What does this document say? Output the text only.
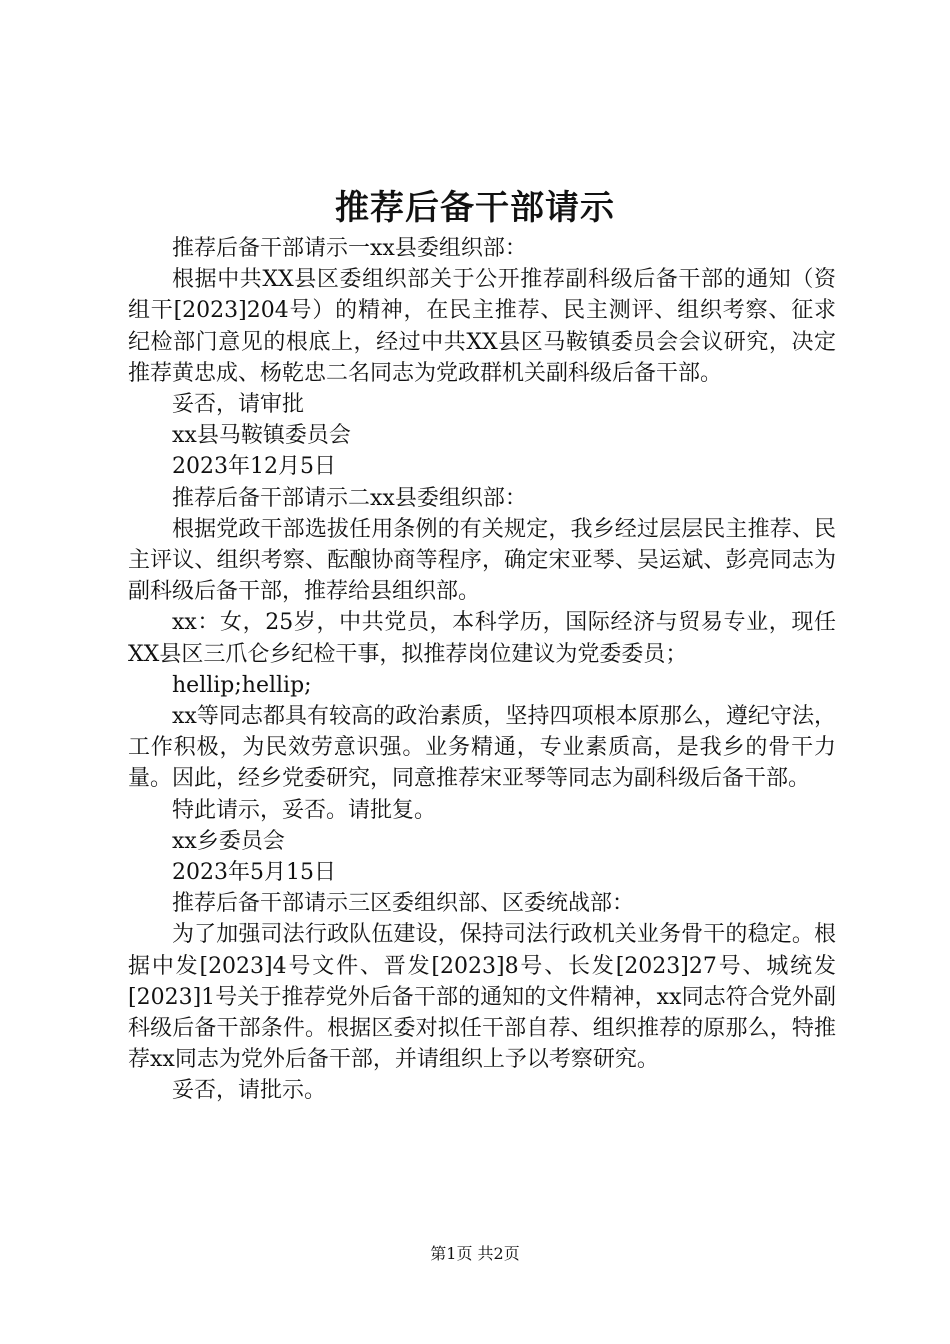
推荐后备干部请示

推荐后备干部请示一xx县委组织部：

根据中共XX县区委组织部关于公开推荐副科级后备干部的通知（资组干[2023]204号）的精神，在民主推荐、民主测评、组织考察、征求纪检部门意见的根底上，经过中共XX县区马鞍镇委员会会议研究，决定推荐黄忠成、杨乾忠二名同志为党政群机关副科级后备干部。

妥否，请审批

xx县马鞍镇委员会

2023年12月5日

推荐后备干部请示二xx县委组织部：

根据党政干部选拔任用条例的有关规定，我乡经过层层民主推荐、民主评议、组织考察、酝酿协商等程序，确定宋亚琴、吴运斌、彭亮同志为副科级后备干部，推荐给县组织部。

xx：女，25岁，中共党员，本科学历，国际经济与贸易专业，现任XX县区三爪仑乡纪检干事，拟推荐岗位建议为党委委员；

hellip;hellip;

xx等同志都具有较高的政治素质，坚持四项根本原那么，遵纪守法，工作积极，为民效劳意识强。业务精通，专业素质高，是我乡的骨干力量。因此，经乡党委研究，同意推荐宋亚琴等同志为副科级后备干部。

特此请示，妥否。请批复。

xx乡委员会

2023年5月15日

推荐后备干部请示三区委组织部、区委统战部：

为了加强司法行政队伍建设，保持司法行政机关业务骨干的稳定。根据中发[2023]4号文件、晋发[2023]8号、长发[2023]27号、城统发[2023]1号关于推荐党外后备干部的通知的文件精神，xx同志符合党外副科级后备干部条件。根据区委对拟任干部自荐、组织推荐的原那么，特推荐xx同志为党外后备干部，并请组织上予以考察研究。

妥否，请批示。

第1页 共2页
